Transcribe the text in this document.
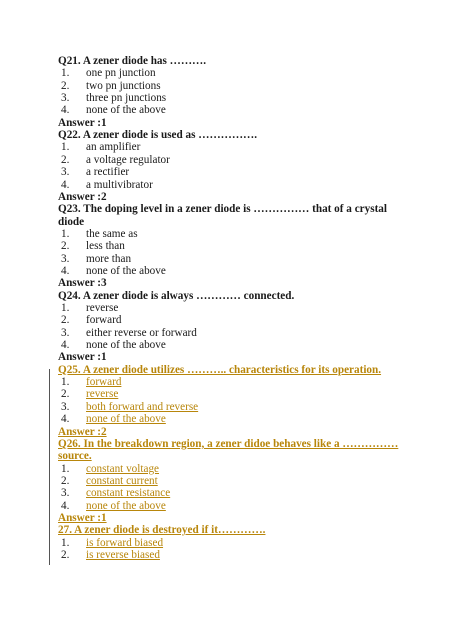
Q21. A zener diode has ……….
1. one pn junction
2. two pn junctions
3. three pn junctions
4. none of the above
Answer :1
Q22. A zener diode is used as …………….
1. an amplifier
2. a voltage regulator
3. a rectifier
4. a multivibrator
Answer :2
Q23. The doping level in a zener diode is …………… that of a crystal
diode
1. the same as
2. less than
3. more than
4. none of the above
Answer :3
Q24. A zener diode is always ………… connected.
1. reverse
2. forward
3. either reverse or forward
4. none of the above
Answer :1
Q25. A zener diode utilizes ……….. characteristics for its operation.
1. forward
2. reverse
3. both forward and reverse
4. none of the above
Answer :2
Q26. In the breakdown region, a zener didoe behaves like a ……………
source.
1. constant voltage
2. constant current
3. constant resistance
4. none of the above
Answer :1
27. A zener diode is destroyed if it………….
1. is forward biased
2. is reverse biased
